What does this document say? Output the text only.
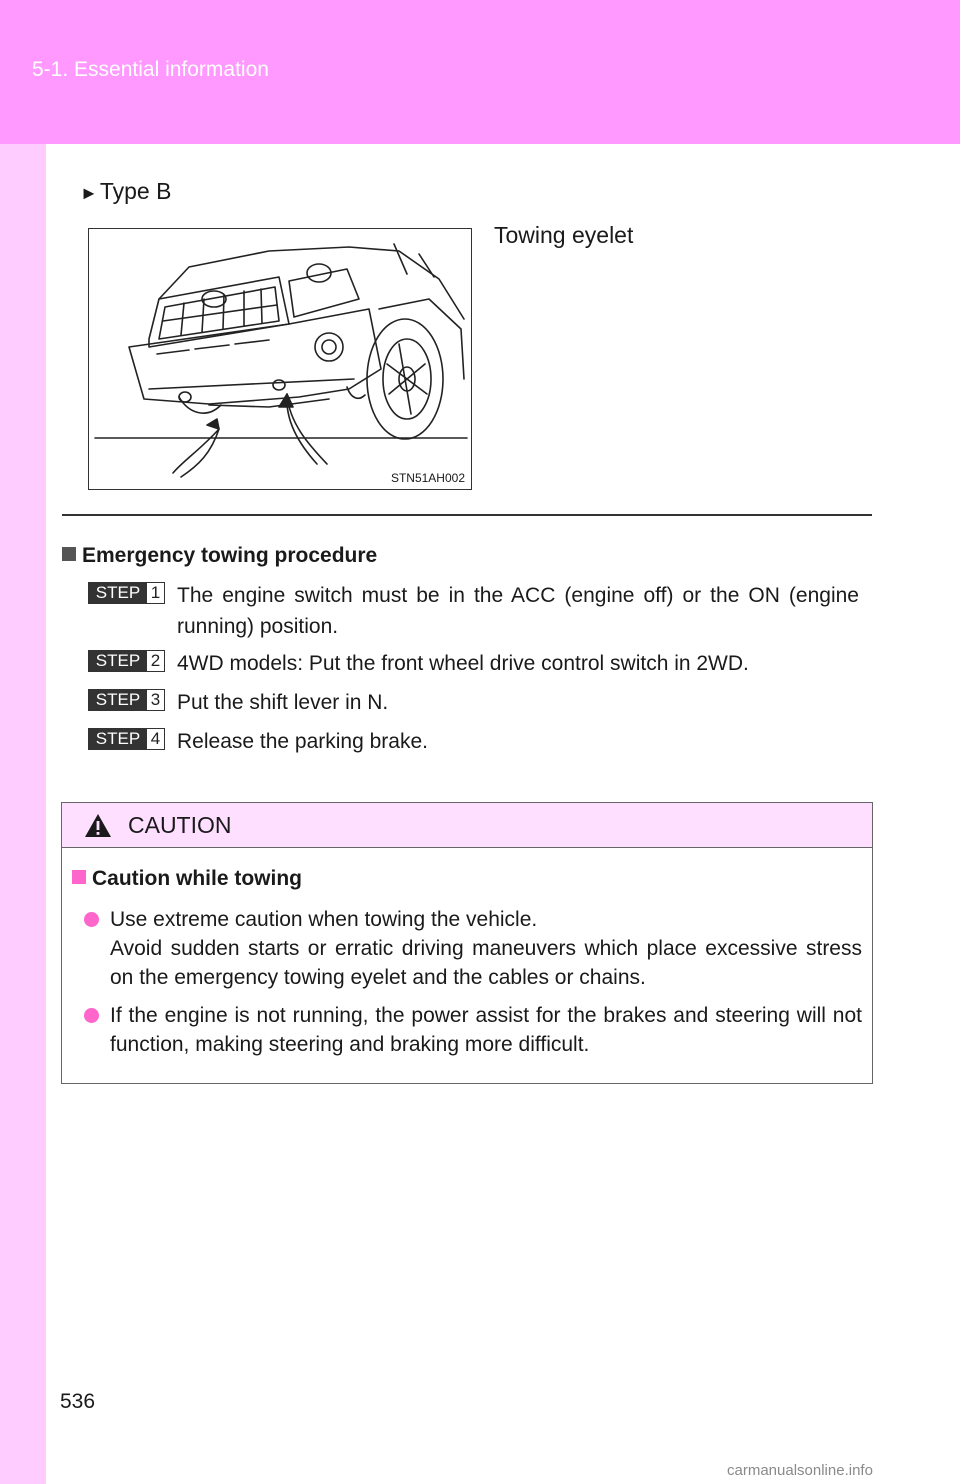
5-1. Essential information
►Type B
Towing eyelet
STN51AH002
Emergency towing procedure
STEP 1 The engine switch must be in the ACC (engine off) or the ON (engine running) position.
STEP 2 4WD models: Put the front wheel drive control switch in 2WD.
STEP 3 Put the shift lever in N.
STEP 4 Release the parking brake.
CAUTION
Caution while towing
Use extreme caution when towing the vehicle.
Avoid sudden starts or erratic driving maneuvers which place excessive stress on the emergency towing eyelet and the cables or chains.
If the engine is not running, the power assist for the brakes and steering will not function, making steering and braking more difficult.
536
carmanualsonline.info
